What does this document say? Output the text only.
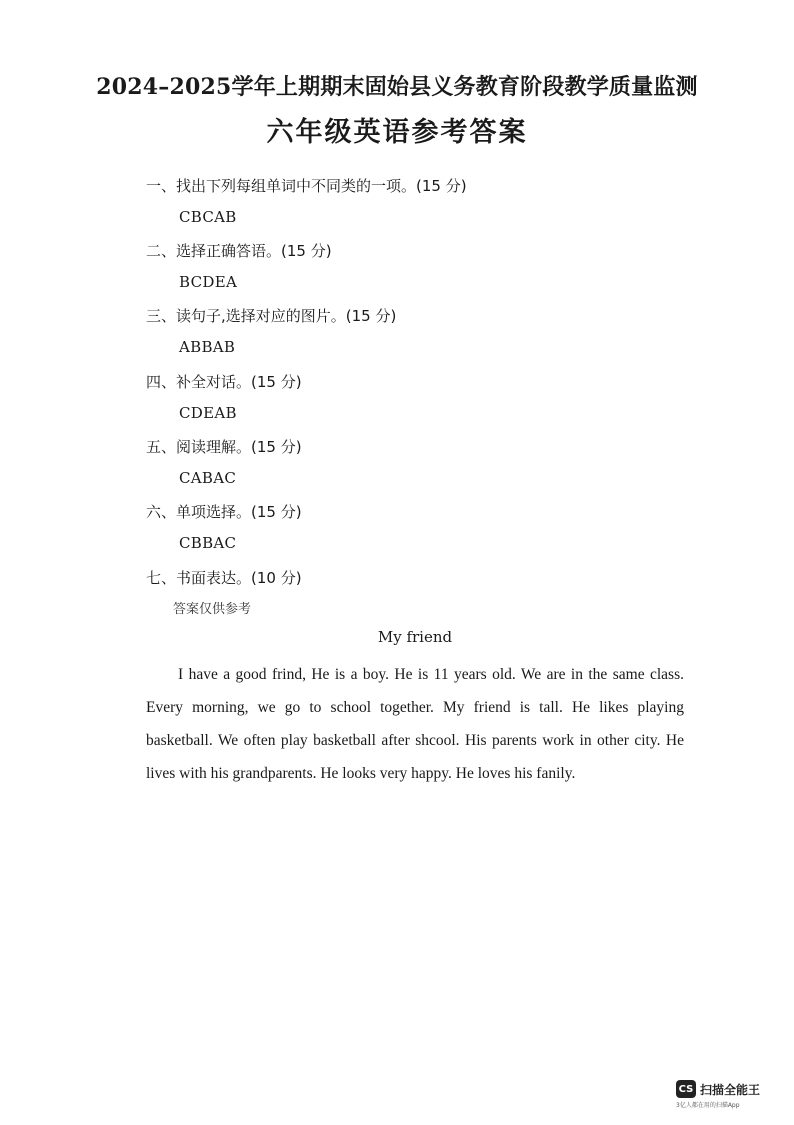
2024–2025学年上期期末固始县义务教育阶段教学质量监测
六年级英语参考答案
一、找出下列每组单词中不同类的一项。(15 分)
CBCAB
二、选择正确答语。(15 分)
BCDEA
三、读句子,选择对应的图片。(15 分)
ABBAB
四、补全对话。(15 分)
CDEAB
五、阅读理解。(15 分)
CABAC
六、单项选择。(15 分)
CBBAC
七、书面表达。(10 分)
答案仅供参考
My friend
I have a good frind, He is a boy. He is 11 years old. We are in the same class. Every morning, we go to school together. My friend is tall. He likes playing basketball. We often play basketball after shcool. His parents work in other city. He lives with his grandparents. He looks very happy. He loves his fanily.
CS 扫描全能王
3亿人都在用的扫描App
